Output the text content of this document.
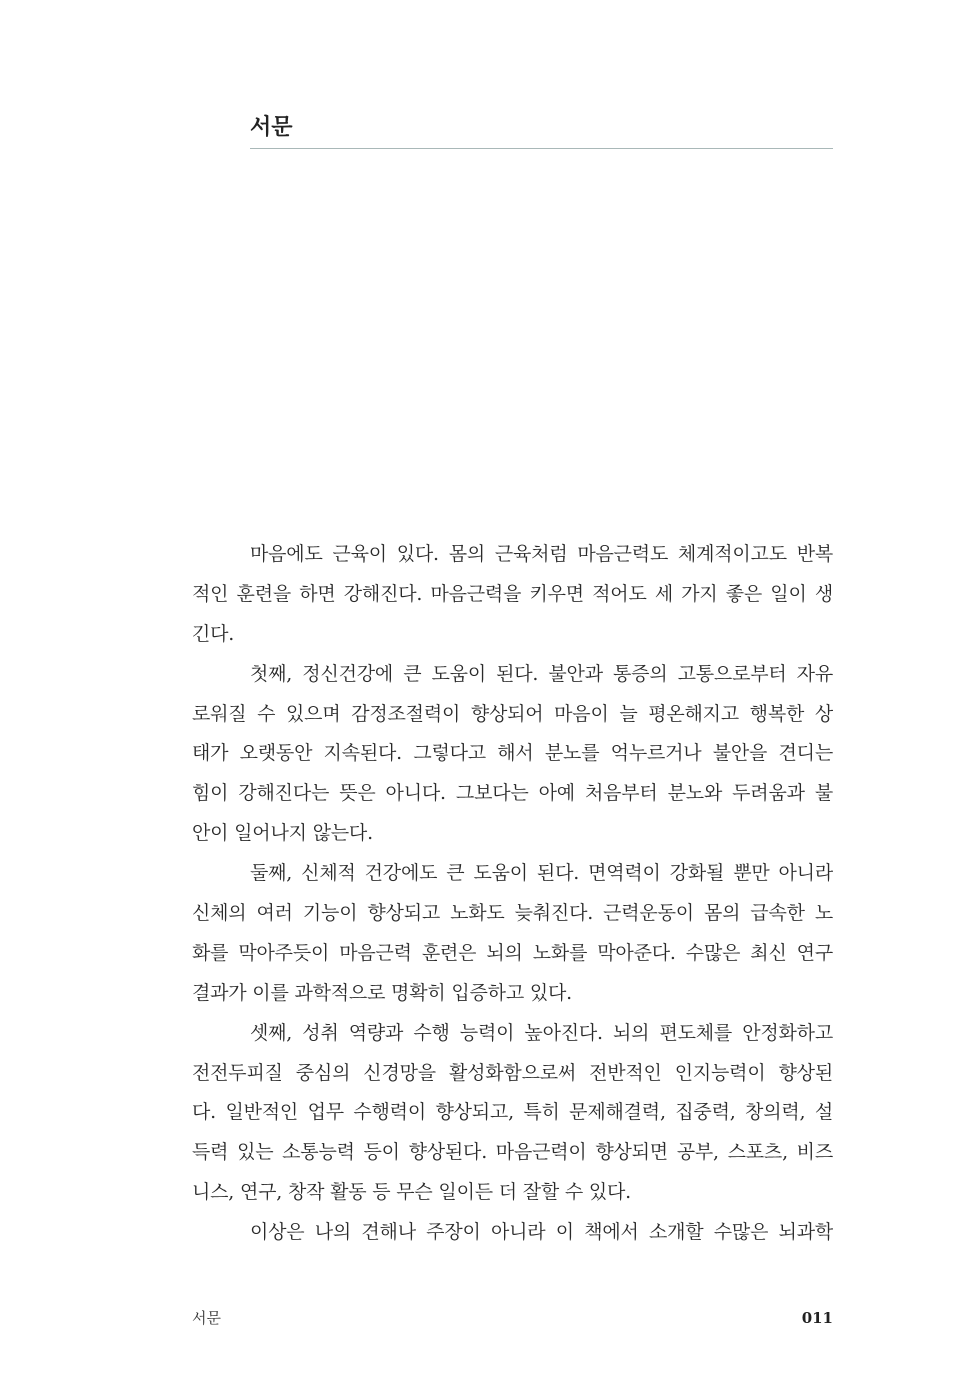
서문
마음에도 근육이 있다. 몸의 근육처럼 마음근력도 체계적이고도 반복
적인 훈련을 하면 강해진다. 마음근력을 키우면 적어도 세 가지 좋은 일이 생
긴다.
첫째, 정신건강에 큰 도움이 된다. 불안과 통증의 고통으로부터 자유
로워질 수 있으며 감정조절력이 향상되어 마음이 늘 평온해지고 행복한 상
태가 오랫동안 지속된다. 그렇다고 해서 분노를 억누르거나 불안을 견디는
힘이 강해진다는 뜻은 아니다. 그보다는 아예 처음부터 분노와 두려움과 불
안이 일어나지 않는다.
둘째, 신체적 건강에도 큰 도움이 된다. 면역력이 강화될 뿐만 아니라
신체의 여러 기능이 향상되고 노화도 늦춰진다. 근력운동이 몸의 급속한 노
화를 막아주듯이 마음근력 훈련은 뇌의 노화를 막아준다. 수많은 최신 연구
결과가 이를 과학적으로 명확히 입증하고 있다.
셋째, 성취 역량과 수행 능력이 높아진다. 뇌의 편도체를 안정화하고
전전두피질 중심의 신경망을 활성화함으로써 전반적인 인지능력이 향상된
다. 일반적인 업무 수행력이 향상되고, 특히 문제해결력, 집중력, 창의력, 설
득력 있는 소통능력 등이 향상된다. 마음근력이 향상되면 공부, 스포츠, 비즈
니스, 연구, 창작 활동 등 무슨 일이든 더 잘할 수 있다.
이상은 나의 견해나 주장이 아니라 이 책에서 소개할 수많은 뇌과학
서문	011
